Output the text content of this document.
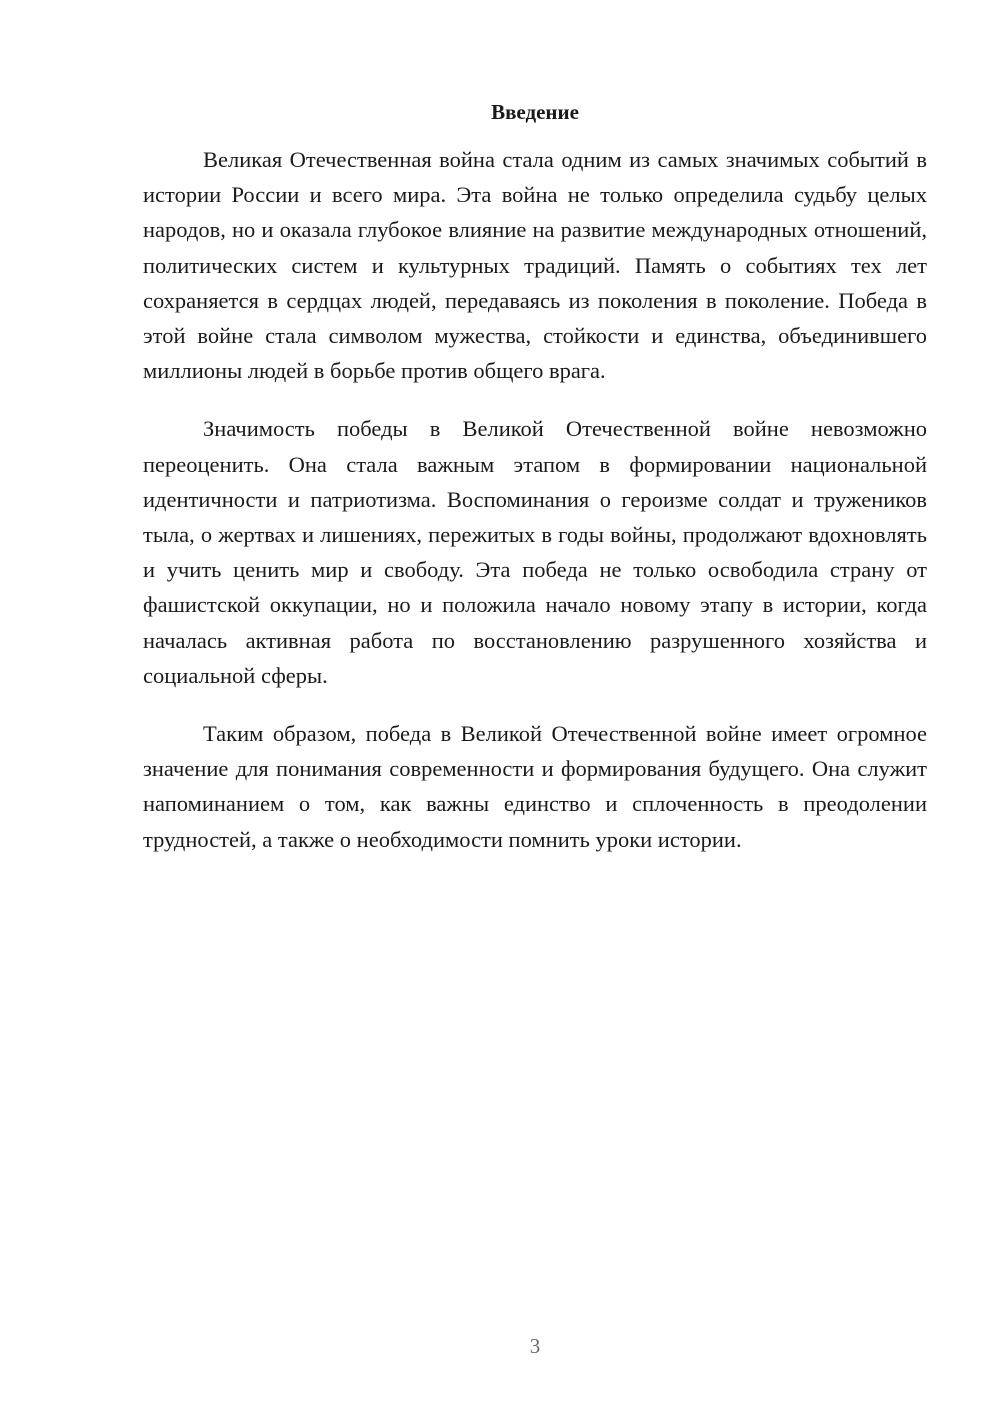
Введение

Великая Отечественная война стала одним из самых значимых событий в истории России и всего мира. Эта война не только определила судьбу целых народов, но и оказала глубокое влияние на развитие международных отношений, политических систем и культурных традиций. Память о событиях тех лет сохраняется в сердцах людей, передаваясь из поколения в поколение. Победа в этой войне стала символом мужества, стойкости и единства, объединившего миллионы людей в борьбе против общего врага.

Значимость победы в Великой Отечественной войне невозможно переоценить. Она стала важным этапом в формировании национальной идентичности и патриотизма. Воспоминания о героизме солдат и тружеников тыла, о жертвах и лишениях, пережитых в годы войны, продолжают вдохновлять и учить ценить мир и свободу. Эта победа не только освободила страну от фашистской оккупации, но и положила начало новому этапу в истории, когда началась активная работа по восстановлению разрушенного хозяйства и социальной сферы.

Таким образом, победа в Великой Отечественной войне имеет огромное значение для понимания современности и формирования будущего. Она служит напоминанием о том, как важны единство и сплоченность в преодолении трудностей, а также о необходимости помнить уроки истории.

3
